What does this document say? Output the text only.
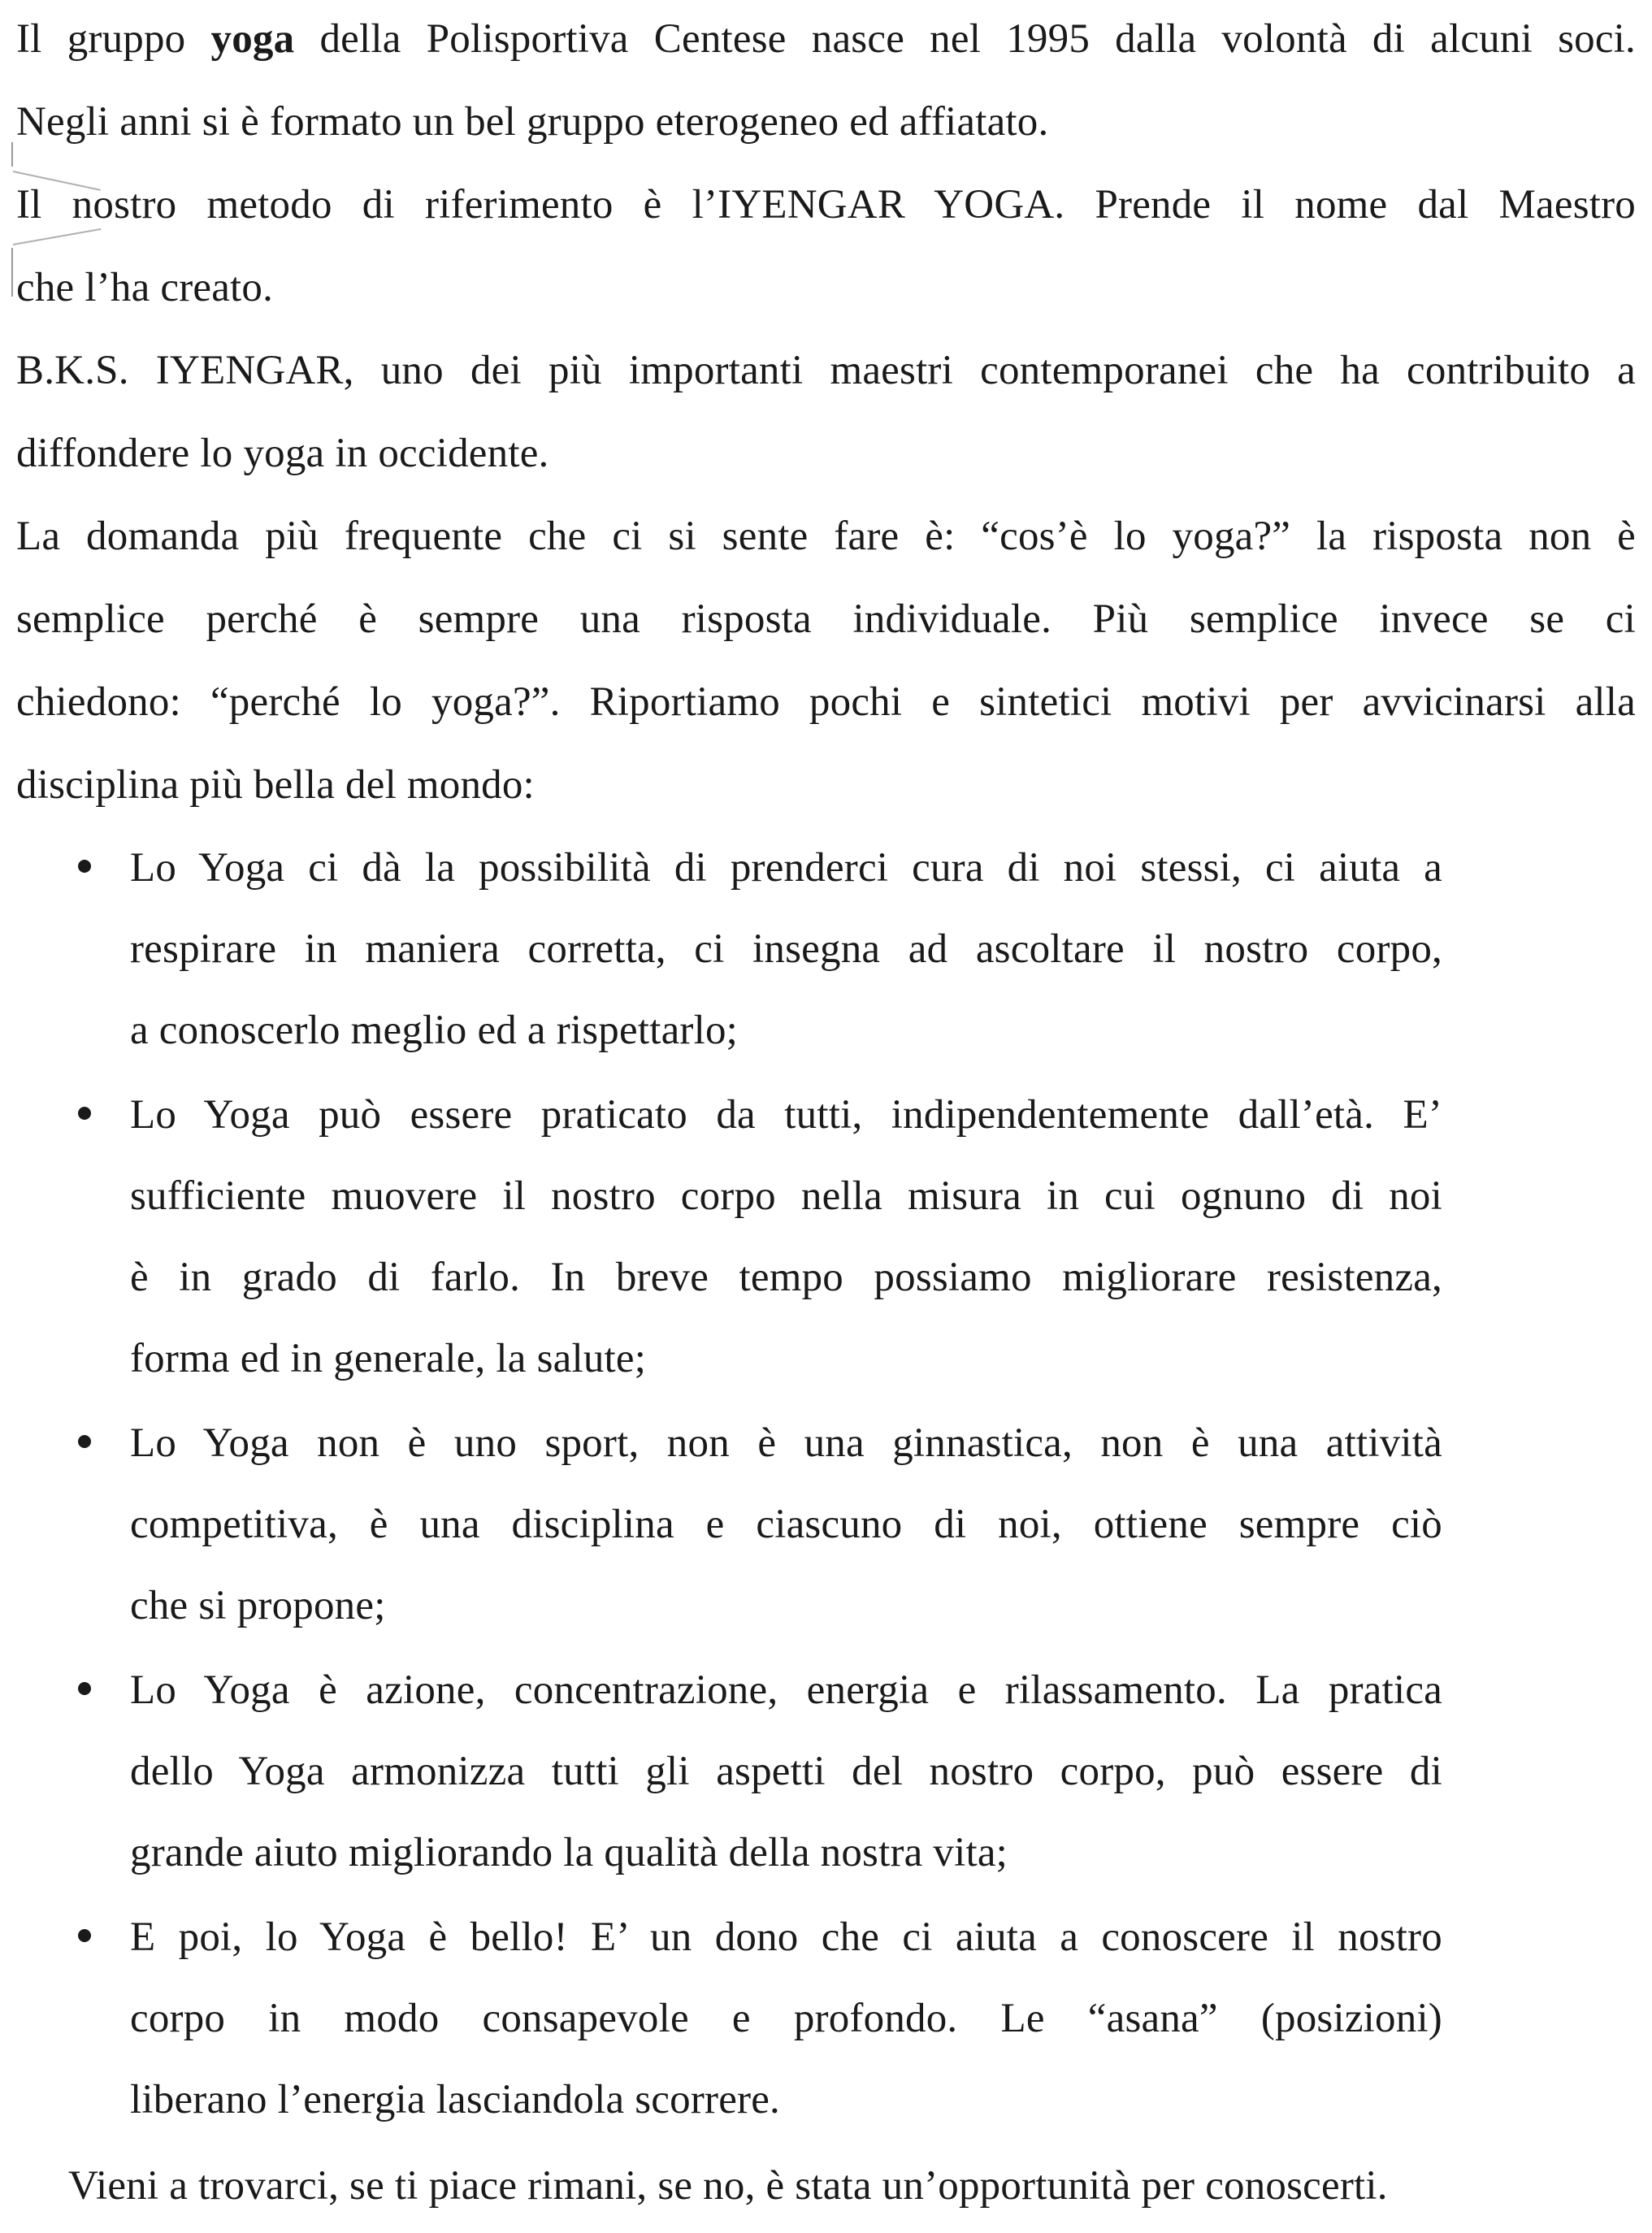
Il gruppo yoga della Polisportiva Centese nasce nel 1995 dalla volontà di alcuni soci.
Negli anni si è formato un bel gruppo eterogeneo ed affiatato.
Il nostro metodo di riferimento è l’IYENGAR YOGA. Prende il nome dal Maestro
che l’ha creato.
B.K.S. IYENGAR, uno dei più importanti maestri contemporanei che ha contribuito a
diffondere lo yoga in occidente.
La domanda più frequente che ci si sente fare è: “cos’è lo yoga?” la risposta non è
semplice perché è sempre una risposta individuale. Più semplice invece se ci
chiedono: “perché lo yoga?”. Riportiamo pochi e sintetici motivi per avvicinarsi alla
disciplina più bella del mondo:
Lo Yoga ci dà la possibilità di prenderci cura di noi stessi, ci aiuta a
respirare in maniera corretta, ci insegna ad ascoltare il nostro corpo,
a conoscerlo meglio ed a rispettarlo;
Lo Yoga può essere praticato da tutti, indipendentemente dall’età. E’
sufficiente muovere il nostro corpo nella misura in cui ognuno di noi
è in grado di farlo. In breve tempo possiamo migliorare resistenza,
forma ed in generale, la salute;
Lo Yoga non è uno sport, non è una ginnastica, non è una attività
competitiva, è una disciplina e ciascuno di noi, ottiene sempre ciò
che si propone;
Lo Yoga è azione, concentrazione, energia e rilassamento. La pratica
dello Yoga armonizza tutti gli aspetti del nostro corpo, può essere di
grande aiuto migliorando la qualità della nostra vita;
E poi, lo Yoga è bello! E’ un dono che ci aiuta a conoscere il nostro
corpo in modo consapevole e profondo. Le “asana” (posizioni)
liberano l’energia lasciandola scorrere.
Vieni a trovarci, se ti piace rimani, se no, è stata un’opportunità per conoscerti.
